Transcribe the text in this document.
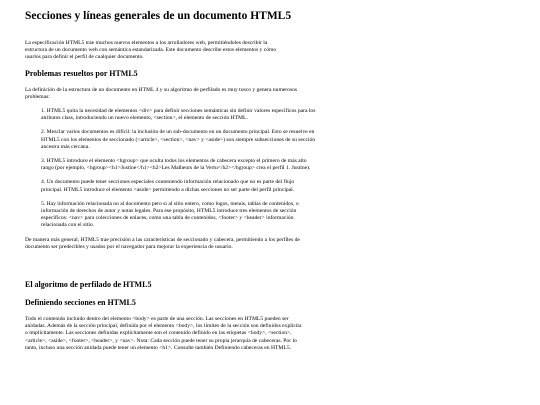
Secciones y líneas generales de un documento HTML5

La especificación HTML5 trae muchos nuevos elementos a los arrolladores web, permitiéndoles describir la estructura de un documento web con semántica estandarizada. Este documento describe estos elementos y cómo usarlos para definir el perfil de cualquier documento.

Problemas resueltos por HTML5

La definición de la estructura de un documento en HTML 4 y su algoritmo de perfilado es muy tosco y genera numerosos problemas:

1. HTML5 quita la necesidad de elementos <div> para definir secciones semánticas sin definir valores específicos para los atributos class, introduciendo un nuevo elemento, <section>, el elemento de sección HTML.
2. Mezclar varios documentos es difícil: la inclusión de un sub-documento en un documento principal. Esto se resuelve en HTML5 con los elementos de seccionado (<article>, <section>, <nav> y <aside>) son siempre subsecciones de su sección ancestra más cercana.
3. HTML5 introduce el elemento <hgroup> que oculta todos los elementos de cabecera excepto el primero de más alto rango (por ejemplo, <hgroup><h1>Justine</h1><h2>Les Malheurs de la Vertu</h2></hgroup> crea el perfil 1. Justine).
4. Un documento puede tener secciones especiales conteniendo información relacionado que no es parte del flujo principal. HTML5 introduce el elemento <aside> permitiendo a dichas secciones no ser parte del perfil principal.
5. Hay información relacionada no al documento pero si al sitio entero, como logos, menús, tablas de contenidos, o información de derechos de autor y notas legales. Para ese propósito, HTML5 introduce tres elementos de sección específicos: <nav> para colecciones de enlaces, como una tabla de contenidos, <footer> y <header> información relacionada con el sitio.

De manera más general, HTML5 trae precisión a las características de seccionado y cabecera, permitiendo a los perfiles de documento ser predecibles y usados por el navegador para mejorar la experiencia de usuario.

El algoritmo de perfilado de HTML5
Definiendo secciones en HTML5

Todo el contenido incluido dentro del elemento <body> es parte de una sección. Las secciones en HTML5 pueden ser anidadas. Además de la sección principal, definida por el elemento <body>, los límites de la sección son definidos explícita o implícitamente. Las secciones definidas explícitamente son el contenido definido en las etiquetas <body>, <section>, <article>, <aside>, <footer>, <header>, y <nav>. Nota: Cada sección puede tener su propia jerarquía de cabeceras. Por lo tanto, incluso una sección anidada puede tener un elemento <h1>. Consulte también Definiendo cabeceras en HTML5.
